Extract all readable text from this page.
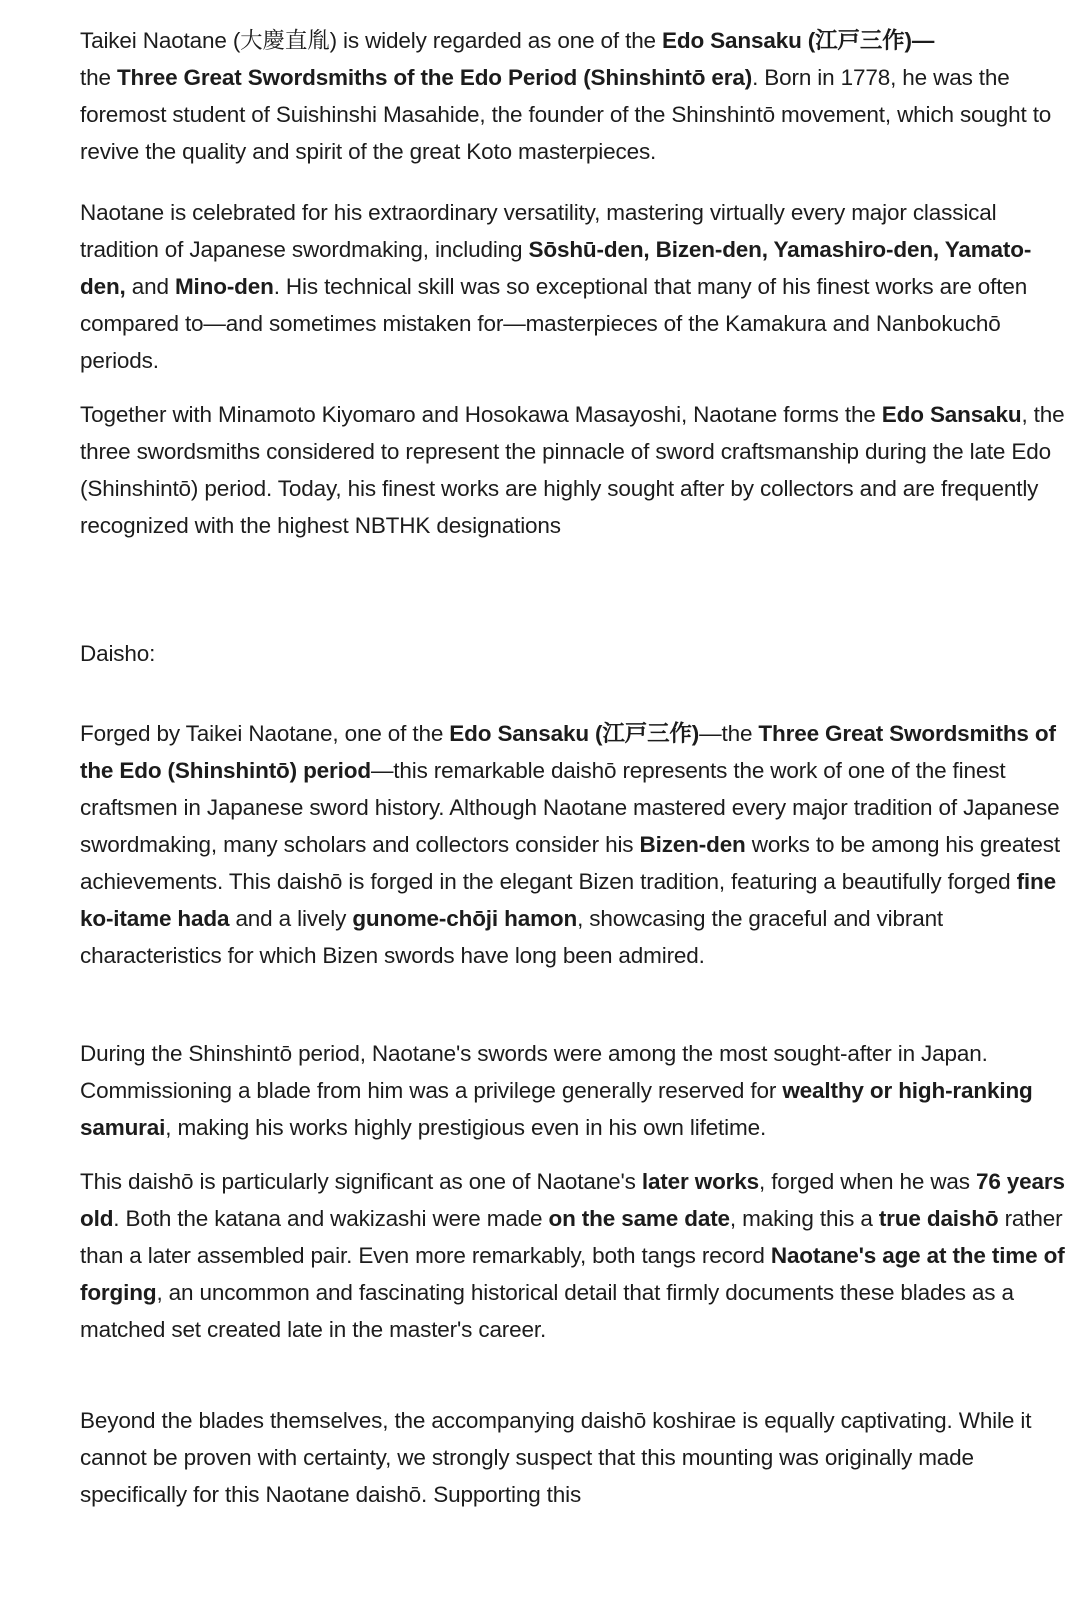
Taikei Naotane (大慶直胤) is widely regarded as one of the Edo Sansaku (江戸三作)—
the Three Great Swordsmiths of the Edo Period (Shinshintō era). Born in 1778, he was the foremost student of Suishinshi Masahide, the founder of the Shinshintō movement, which sought to revive the quality and spirit of the great Koto masterpieces.

Naotane is celebrated for his extraordinary versatility, mastering virtually every major classical tradition of Japanese swordmaking, including Sōshū-den, Bizen-den, Yamashiro-den, Yamato-den, and Mino-den. His technical skill was so exceptional that many of his finest works are often compared to—and sometimes mistaken for—masterpieces of the Kamakura and Nanbokuchō periods.

Together with Minamoto Kiyomaro and Hosokawa Masayoshi, Naotane forms the Edo Sansaku, the three swordsmiths considered to represent the pinnacle of sword craftsmanship during the late Edo (Shinshintō) period. Today, his finest works are highly sought after by collectors and are frequently recognized with the highest NBTHK designations

Daisho:

Forged by Taikei Naotane, one of the Edo Sansaku (江戸三作)—the Three Great Swordsmiths of the Edo (Shinshintō) period—this remarkable daishō represents the work of one of the finest craftsmen in Japanese sword history. Although Naotane mastered every major tradition of Japanese swordmaking, many scholars and collectors consider his Bizen-den works to be among his greatest achievements. This daishō is forged in the elegant Bizen tradition, featuring a beautifully forged fine ko-itame hada and a lively gunome-chōji hamon, showcasing the graceful and vibrant characteristics for which Bizen swords have long been admired.

During the Shinshintō period, Naotane's swords were among the most sought-after in Japan. Commissioning a blade from him was a privilege generally reserved for wealthy or high-ranking samurai, making his works highly prestigious even in his own lifetime.

This daishō is particularly significant as one of Naotane's later works, forged when he was 76 years old. Both the katana and wakizashi were made on the same date, making this a true daishō rather than a later assembled pair. Even more remarkably, both tangs record Naotane's age at the time of forging, an uncommon and fascinating historical detail that firmly documents these blades as a matched set created late in the master's career.

Beyond the blades themselves, the accompanying daishō koshirae is equally captivating. While it cannot be proven with certainty, we strongly suspect that this mounting was originally made specifically for this Naotane daishō. Supporting this
